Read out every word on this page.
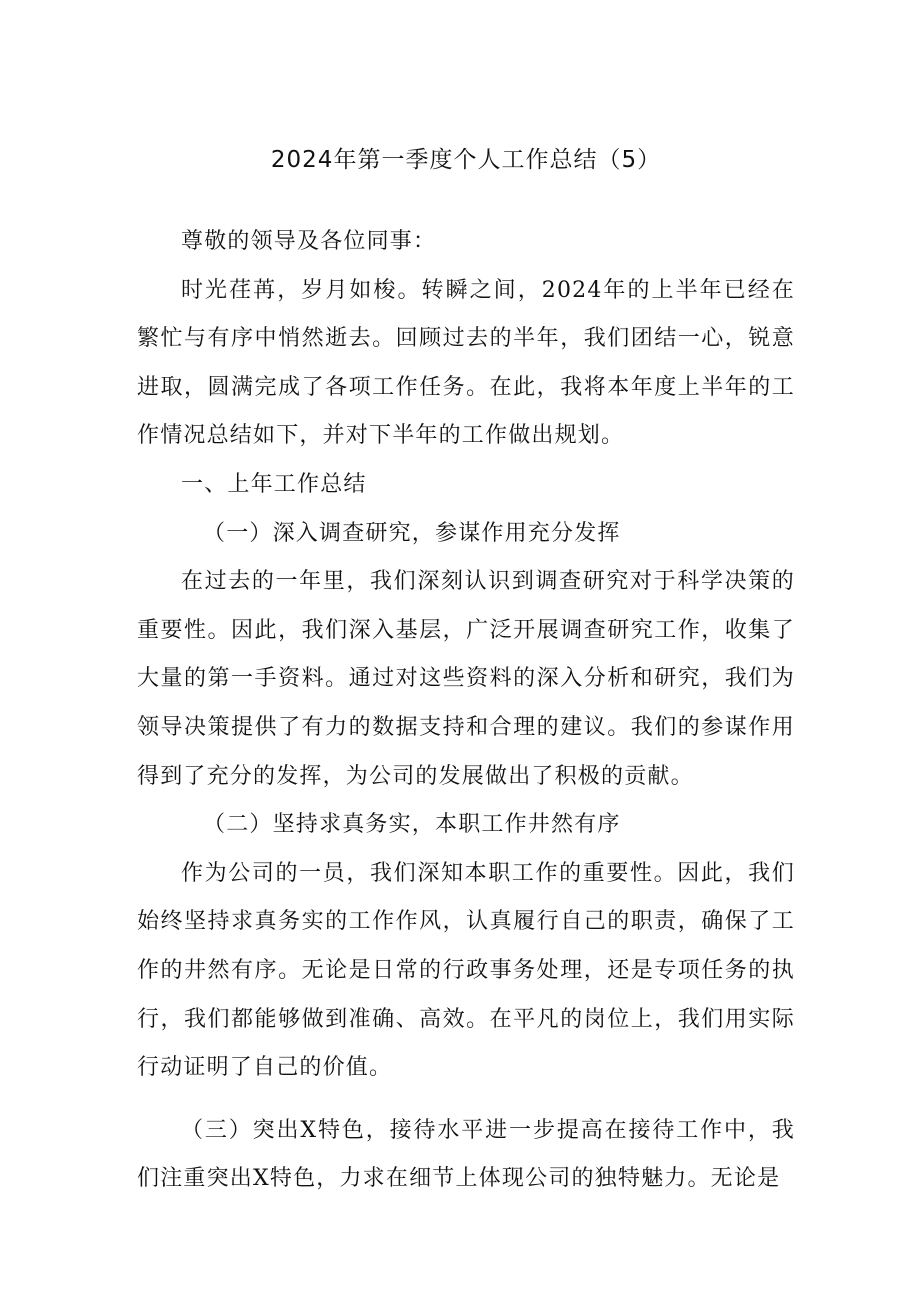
2024年第一季度个人工作总结（5）

尊敬的领导及各位同事：

时光荏苒，岁月如梭。转瞬之间，2024年的上半年已经在繁忙与有序中悄然逝去。回顾过去的半年，我们团结一心，锐意进取，圆满完成了各项工作任务。在此，我将本年度上半年的工作情况总结如下，并对下半年的工作做出规划。

一、上年工作总结

（一）深入调查研究，参谋作用充分发挥

在过去的一年里，我们深刻认识到调查研究对于科学决策的重要性。因此，我们深入基层，广泛开展调查研究工作，收集了大量的第一手资料。通过对这些资料的深入分析和研究，我们为领导决策提供了有力的数据支持和合理的建议。我们的参谋作用得到了充分的发挥，为公司的发展做出了积极的贡献。

（二）坚持求真务实，本职工作井然有序

作为公司的一员，我们深知本职工作的重要性。因此，我们始终坚持求真务实的工作作风，认真履行自己的职责，确保了工作的井然有序。无论是日常的行政事务处理，还是专项任务的执行，我们都能够做到准确、高效。在平凡的岗位上，我们用实际行动证明了自己的价值。

（三）突出X特色，接待水平进一步提高在接待工作中，我们注重突出X特色，力求在细节上体现公司的独特魅力。无论是
